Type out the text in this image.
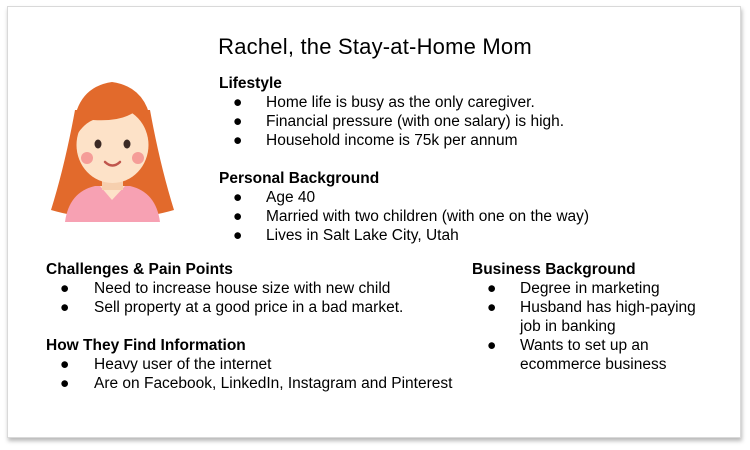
Rachel, the Stay-at-Home Mom
Lifestyle
● Home life is busy as the only caregiver.
● Financial pressure (with one salary) is high.
● Household income is 75k per annum
Personal Background
● Age 40
● Married with two children (with one on the way)
● Lives in Salt Lake City, Utah
Challenges & Pain Points
● Need to increase house size with new child
● Sell property at a good price in a bad market.
How They Find Information
● Heavy user of the internet
● Are on Facebook, LinkedIn, Instagram and Pinterest
Business Background
● Degree in marketing
● Husband has high-paying job in banking
● Wants to set up an ecommerce business
